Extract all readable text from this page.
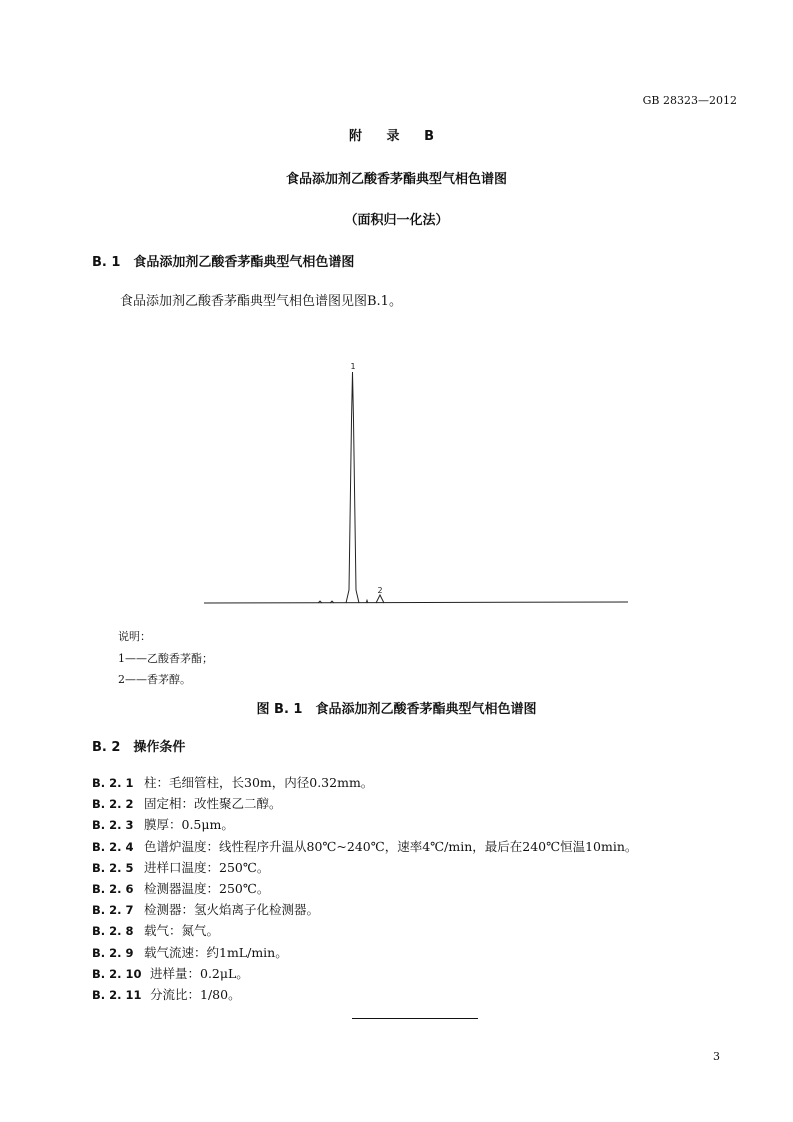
GB 28323—2012
附 录 B
食品添加剂乙酸香茅酯典型气相色谱图
（面积归一化法）
B. 1　食品添加剂乙酸香茅酯典型气相色谱图
食品添加剂乙酸香茅酯典型气相色谱图见图B.1。
1
2
说明：
1——乙酸香茅酯；
2——香茅醇。
图 B. 1　食品添加剂乙酸香茅酯典型气相色谱图
B. 2　操作条件
B. 2. 1 柱：毛细管柱，长30m，内径0.32mm。
B. 2. 2 固定相：改性聚乙二醇。
B. 2. 3 膜厚：0.5μm。
B. 2. 4 色谱炉温度：线性程序升温从80℃~240℃，速率4℃/min，最后在240℃恒温10min。
B. 2. 5 进样口温度：250℃。
B. 2. 6 检测器温度：250℃。
B. 2. 7 检测器：氢火焰离子化检测器。
B. 2. 8 载气：氮气。
B. 2. 9 载气流速：约1mL/min。
B. 2. 10 进样量：0.2μL。
B. 2. 11 分流比：1/80。
3
